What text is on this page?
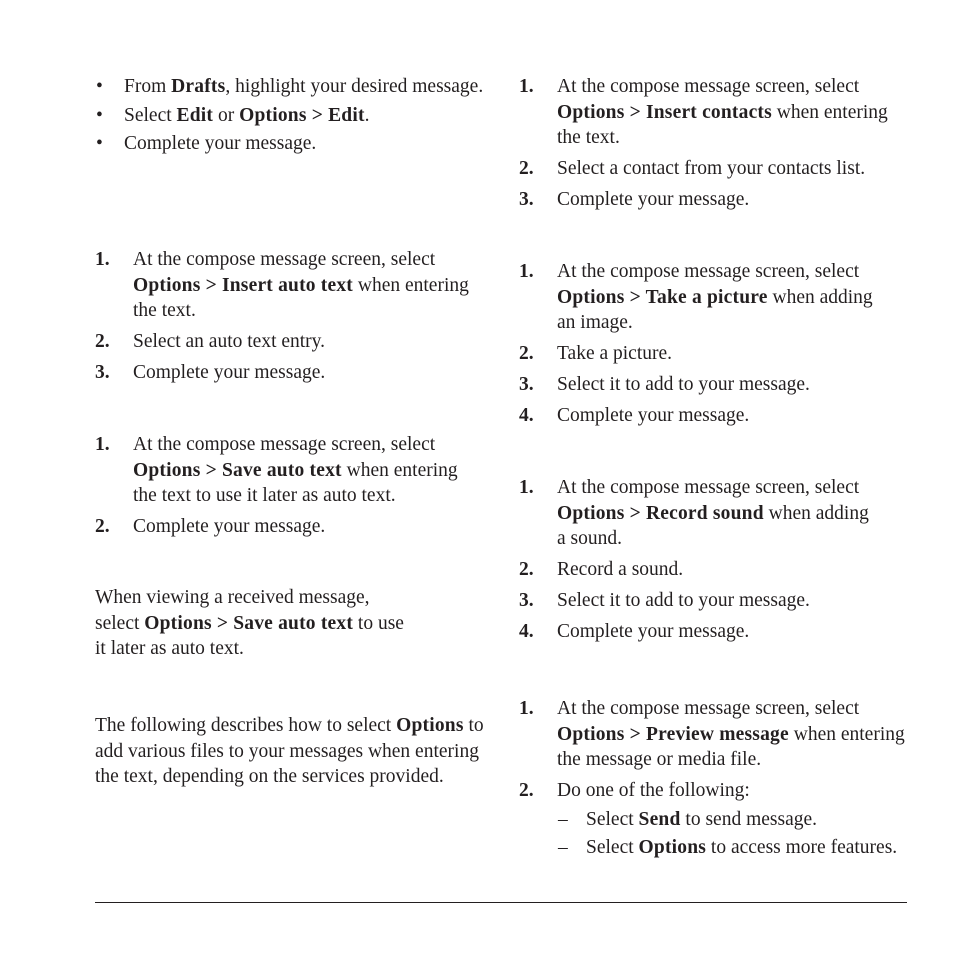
• From Drafts, highlight your desired message.
• Select Edit or Options > Edit.
• Complete your message.
1. At the compose message screen, select
Options > Insert auto text when entering the text.
2. Select an auto text entry.
3. Complete your message.
1. At the compose message screen, select
Options > Save auto text when entering the text to use it later as auto text.
2. Complete your message.
When viewing a received message, select Options > Save auto text to use it later as auto text.
The following describes how to select Options to add various files to your messages when entering the text, depending on the services provided.
1. At the compose message screen, select
Options > Insert contacts when entering the text.
2. Select a contact from your contacts list.
3. Complete your message.
1. At the compose message screen, select
Options > Take a picture when adding an image.
2. Take a picture.
3. Select it to add to your message.
4. Complete your message.
1. At the compose message screen, select
Options > Record sound when adding a sound.
2. Record a sound.
3. Select it to add to your message.
4. Complete your message.
1. At the compose message screen, select
Options > Preview message when entering the message or media file.
2. Do one of the following:
– Select Send to send message.
– Select Options to access more features.
